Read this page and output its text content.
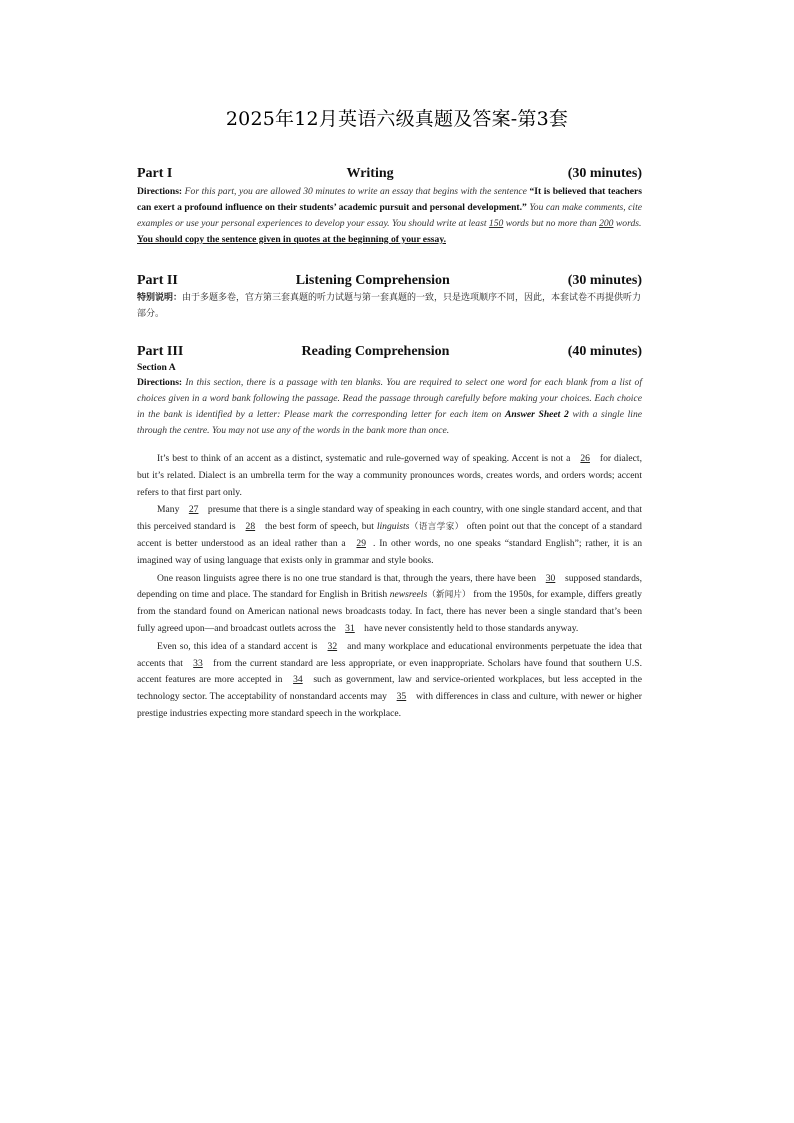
2025年12月英语六级真题及答案-第3套
Part I	Writing	(30 minutes)
Directions: For this part, you are allowed 30 minutes to write an essay that begins with the sentence “It is believed that teachers can exert a profound influence on their students’ academic pursuit and personal development.” You can make comments, cite examples or use your personal experiences to develop your essay. You should write at least 150 words but no more than 200 words.
You should copy the sentence given in quotes at the beginning of your essay.
Part II	Listening Comprehension	(30 minutes)
特别说明：由于多题多卷，官方第三套真题的听力试题与第一套真题的一致，只是选项顺序不同，因此，本套试卷不再提供听力部分。
Part III	Reading Comprehension	(40 minutes)
Section A
Directions: In this section, there is a passage with ten blanks. You are required to select one word for each blank from a list of choices given in a word bank following the passage. Read the passage through carefully before making your choices. Each choice in the bank is identified by a letter: Please mark the corresponding letter for each item on Answer Sheet 2 with a single line through the centre. You may not use any of the words in the bank more than once.

It’s best to think of an accent as a distinct, systematic and rule-governed way of speaking. Accent is not a 26 for dialect, but it’s related. Dialect is an umbrella term for the way a community pronounces words, creates words, and orders words; accent refers to that first part only.

Many 27 presume that there is a single standard way of speaking in each country, with one single standard accent, and that this perceived standard is 28 the best form of speech, but linguists（语言学家） often point out that the concept of a standard accent is better understood as an ideal rather than a 29 . In other words, no one speaks “standard English”; rather, it is an imagined way of using language that exists only in grammar and style books.

One reason linguists agree there is no one true standard is that, through the years, there have been 30 supposed standards, depending on time and place. The standard for English in British newsreels（新闻片） from the 1950s, for example, differs greatly from the standard found on American national news broadcasts today. In fact, there has never been a single standard that’s been fully agreed upon—and broadcast outlets across the 31 have never consistently held to those standards anyway.

Even so, this idea of a standard accent is 32 and many workplace and educational environments perpetuate the idea that accents that 33 from the current standard are less appropriate, or even inappropriate. Scholars have found that southern U.S. accent features are more accepted in 34 such as government, law and service-oriented workplaces, but less accepted in the technology sector. The acceptability of nonstandard accents may 35 with differences in class and culture, with newer or higher prestige industries expecting more standard speech in the workplace.
